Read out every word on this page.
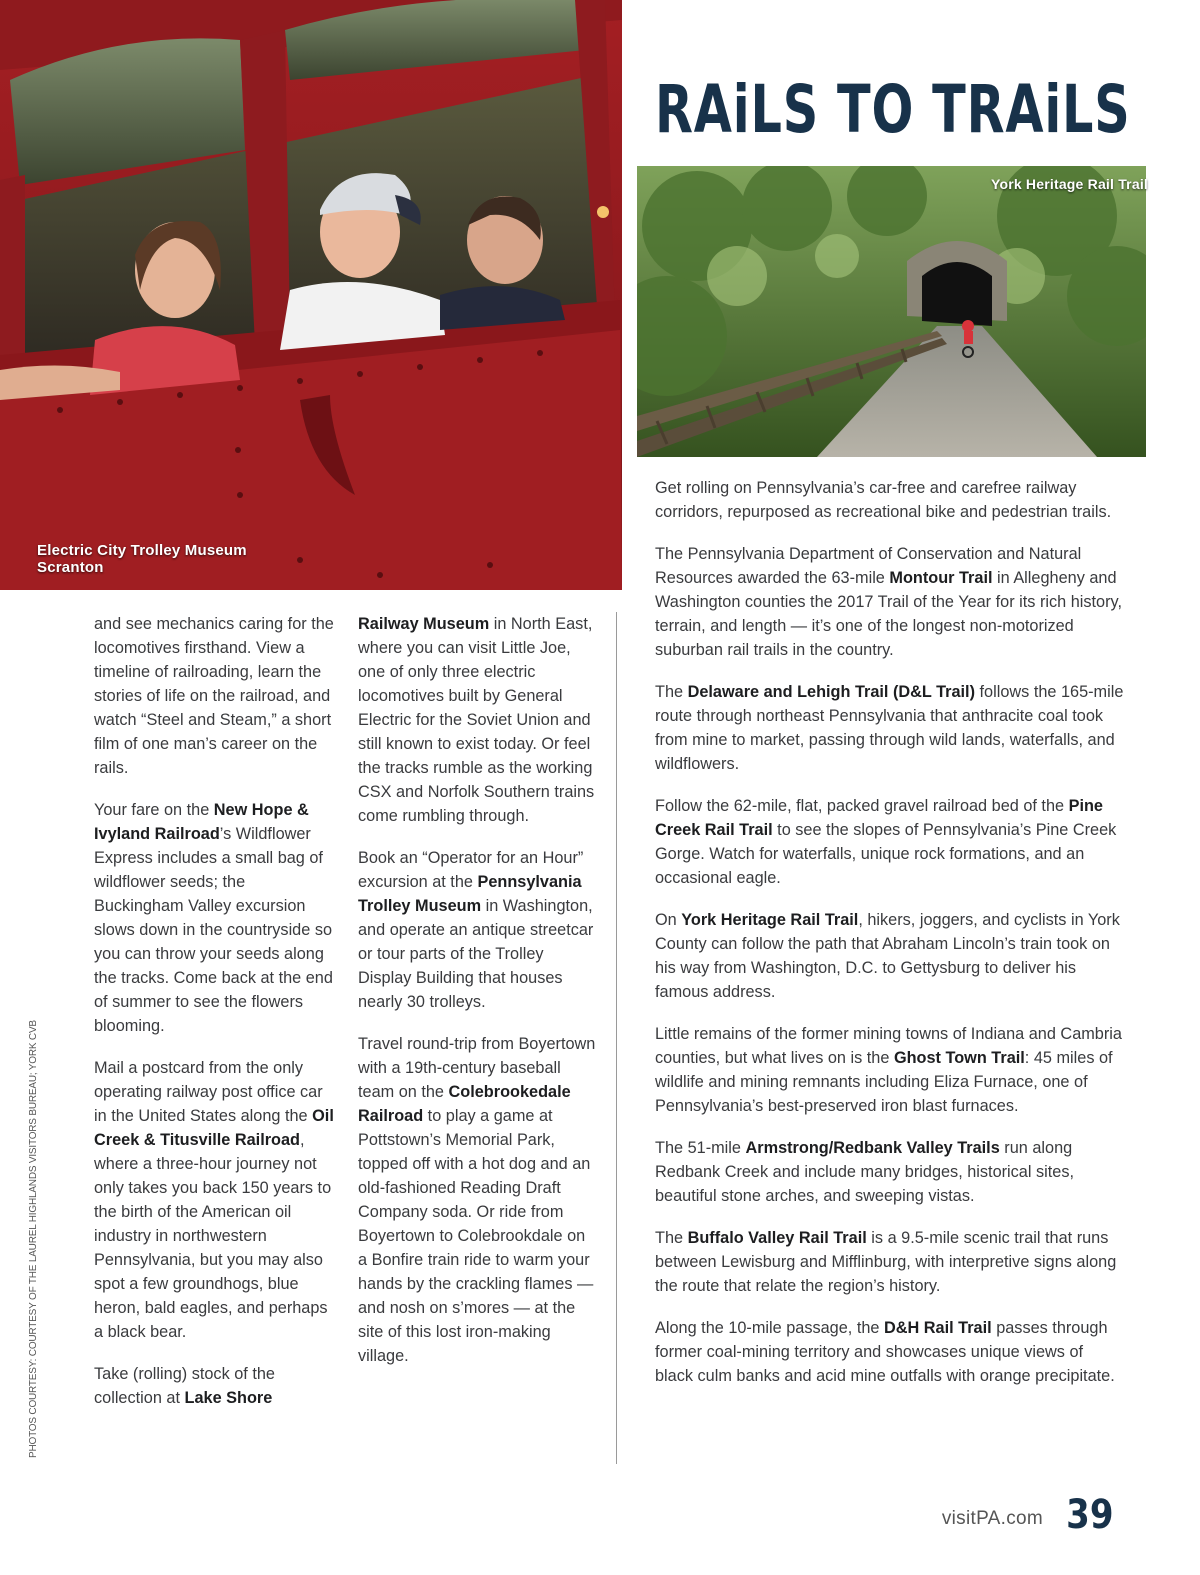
Electric City Trolley Museum
Scranton
RAiLS TO TRAiLS
York Heritage Rail Trail

and see mechanics caring for the locomotives firsthand. View a timeline of railroading, learn the stories of life on the railroad, and watch “Steel and Steam,” a short film of one man’s career on the rails.

Your fare on the New Hope & Ivyland Railroad’s Wildflower Express includes a small bag of wildflower seeds; the Buckingham Valley excursion slows down in the countryside so you can throw your seeds along the tracks. Come back at the end of summer to see the flowers blooming.

Mail a postcard from the only operating railway post office car in the United States along the Oil Creek & Titusville Railroad, where a three-hour journey not only takes you back 150 years to the birth of the American oil industry in northwestern Pennsylvania, but you may also spot a few groundhogs, blue heron, bald eagles, and perhaps a black bear.

Take (rolling) stock of the collection at Lake Shore

Railway Museum in North East, where you can visit Little Joe, one of only three electric locomotives built by General Electric for the Soviet Union and still known to exist today. Or feel the tracks rumble as the working CSX and Norfolk Southern trains come rumbling through.

Book an “Operator for an Hour” excursion at the Pennsylvania Trolley Museum in Washington, and operate an antique streetcar or tour parts of the Trolley Display Building that houses nearly 30 trolleys.

Travel round-trip from Boyertown with a 19th-century baseball team on the Colebrookedale Railroad to play a game at Pottstown’s Memorial Park, topped off with a hot dog and an old-fashioned Reading Draft Company soda. Or ride from Boyertown to Colebrookdale on a Bonfire train ride to warm your hands by the crackling flames — and nosh on s’mores — at the site of this lost iron-making village.

Get rolling on Pennsylvania’s car-free and carefree railway corridors, repurposed as recreational bike and pedestrian trails.

The Pennsylvania Department of Conservation and Natural Resources awarded the 63-mile Montour Trail in Allegheny and Washington counties the 2017 Trail of the Year for its rich history, terrain, and length — it’s one of the longest non-motorized suburban rail trails in the country.

The Delaware and Lehigh Trail (D&L Trail) follows the 165-mile route through northeast Pennsylvania that anthracite coal took from mine to market, passing through wild lands, waterfalls, and wildflowers.

Follow the 62-mile, flat, packed gravel railroad bed of the Pine Creek Rail Trail to see the slopes of Pennsylvania’s Pine Creek Gorge. Watch for waterfalls, unique rock formations, and an occasional eagle.

On York Heritage Rail Trail, hikers, joggers, and cyclists in York County can follow the path that Abraham Lincoln’s train took on his way from Washington, D.C. to Gettysburg to deliver his famous address.

Little remains of the former mining towns of Indiana and Cambria counties, but what lives on is the Ghost Town Trail: 45 miles of wildlife and mining remnants including Eliza Furnace, one of Pennsylvania’s best-preserved iron blast furnaces.

The 51-mile Armstrong/Redbank Valley Trails run along Redbank Creek and include many bridges, historical sites, beautiful stone arches, and sweeping vistas.

The Buffalo Valley Rail Trail is a 9.5-mile scenic trail that runs between Lewisburg and Mifflinburg, with interpretive signs along the route that relate the region’s history.

Along the 10-mile passage, the D&H Rail Trail passes through former coal-mining territory and showcases unique views of black culm banks and acid mine outfalls with orange precipitate.

PHOTOS COURTESY: COURTESY OF THE LAUREL HIGHLANDS VISITORS BUREAU; YORK CVB
visitPA.com 39
